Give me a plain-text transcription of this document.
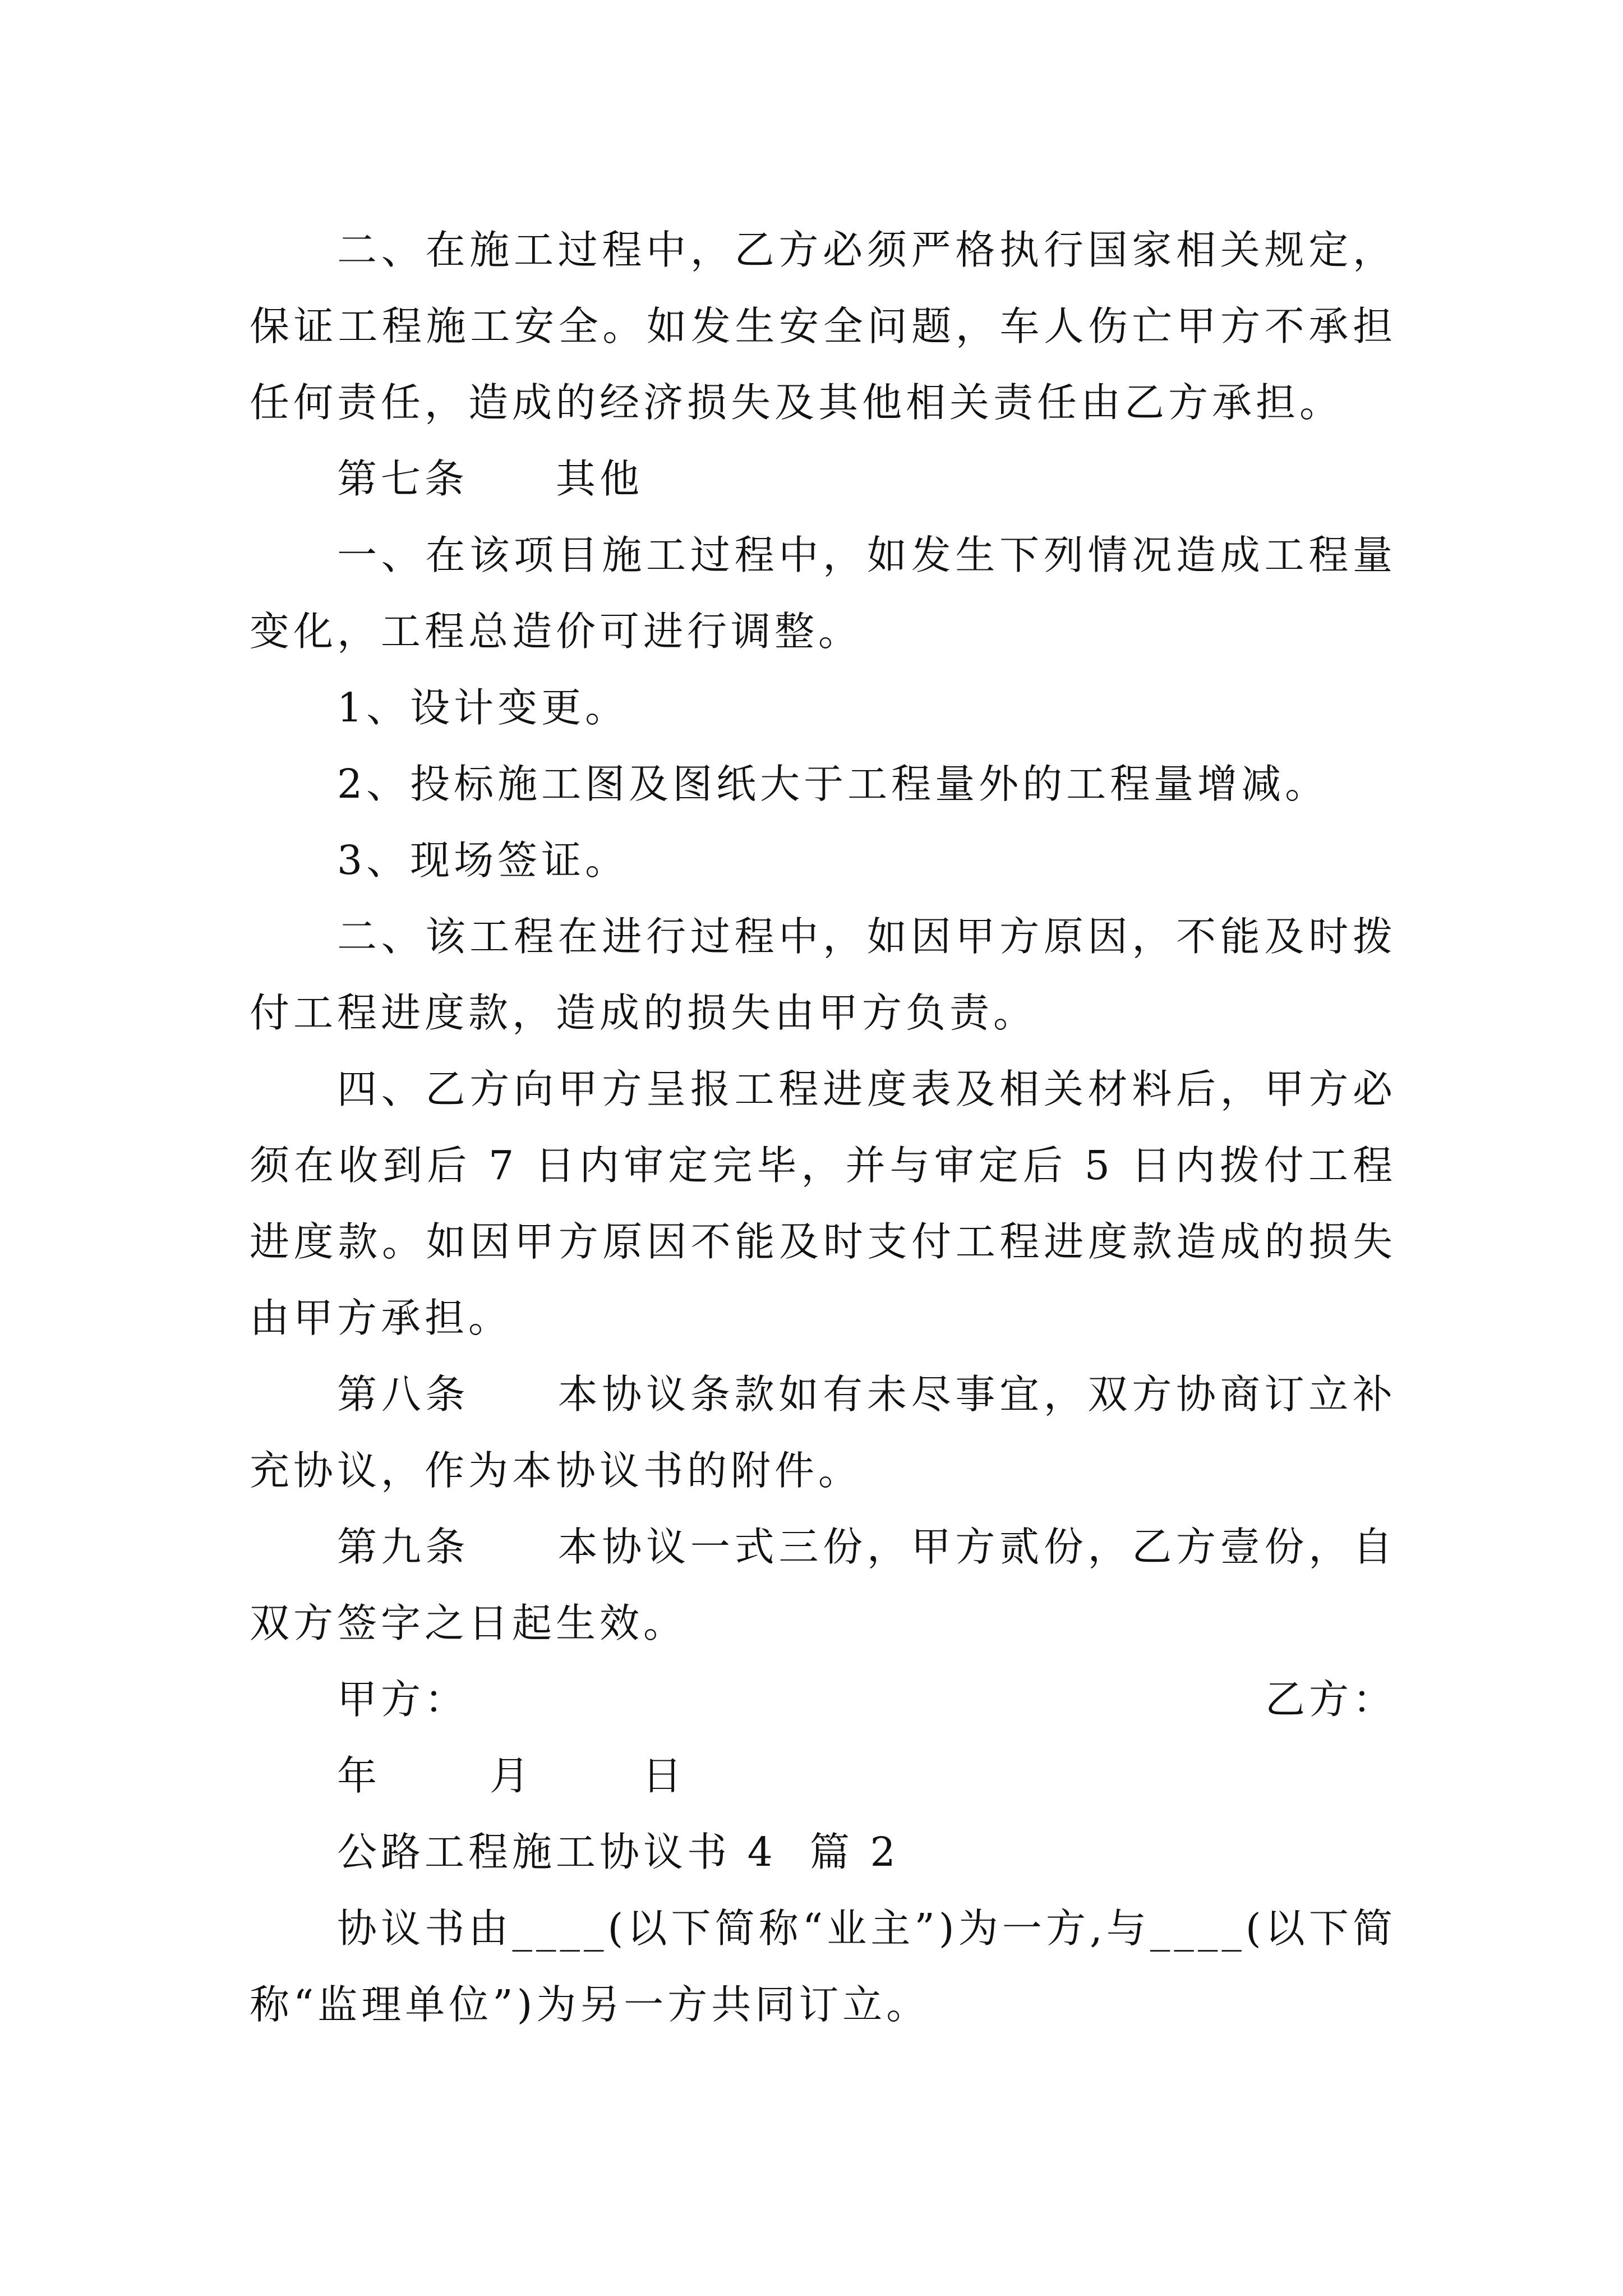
二、在施工过程中，乙方必须严格执行国家相关规定，保证工程施工安全。如发生安全问题，车人伤亡甲方不承担任何责任，造成的经济损失及其他相关责任由乙方承担。

第七条　　其他

一、在该项目施工过程中，如发生下列情况造成工程量变化，工程总造价可进行调整。

1、设计变更。

2、投标施工图及图纸大于工程量外的工程量增减。

3、现场签证。

二、该工程在进行过程中，如因甲方原因，不能及时拨付工程进度款，造成的损失由甲方负责。

四、乙方向甲方呈报工程进度表及相关材料后，甲方必须在收到后 7 日内审定完毕，并与审定后 5 日内拨付工程进度款。如因甲方原因不能及时支付工程进度款造成的损失由甲方承担。

第八条　　本协议条款如有未尽事宜，双方协商订立补充协议，作为本协议书的附件。

第九条　　本协议一式三份，甲方贰份，乙方壹份，自双方签字之日起生效。

甲方：	乙方：
年	月	日

公路工程施工协议书 4  篇 2

协议书由____(以下简称“业主”)为一方,与____(以下简称“监理单位”)为另一方共同订立。
